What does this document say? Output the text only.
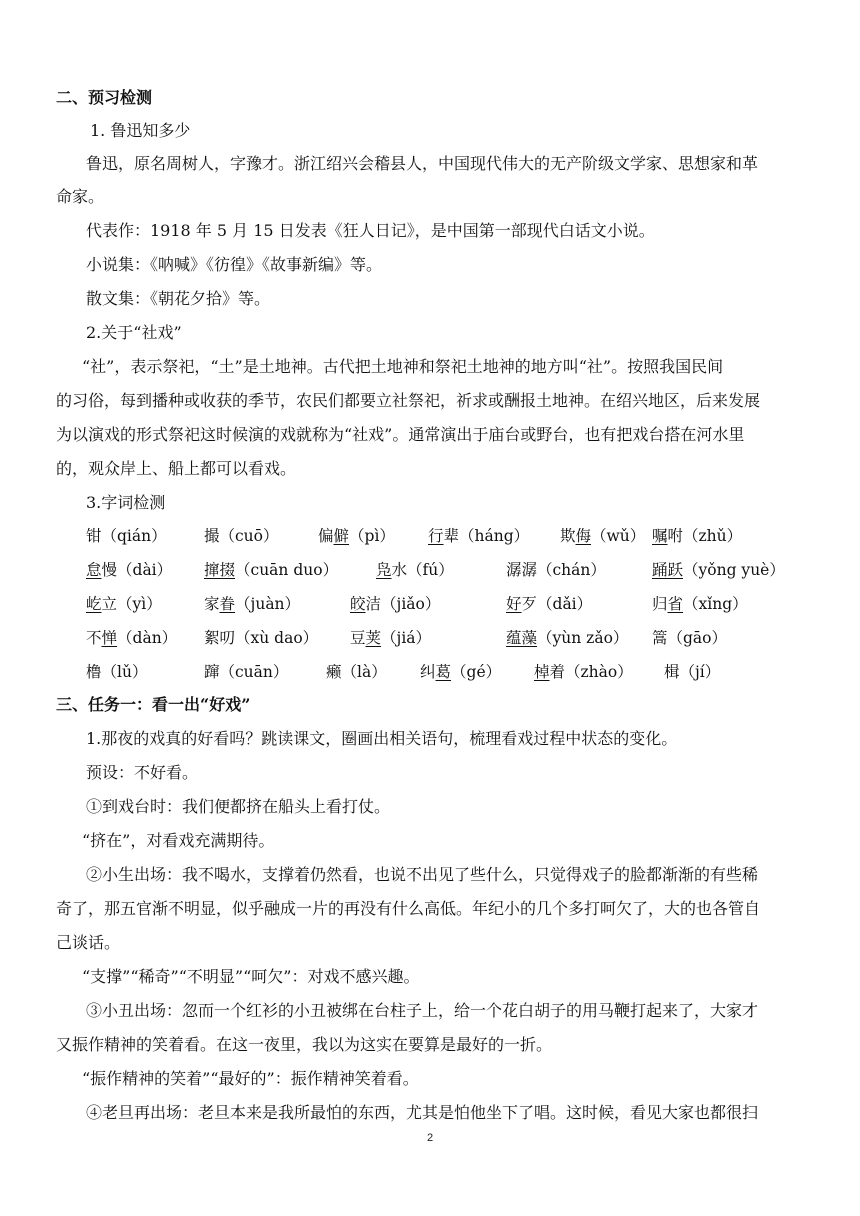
二、预习检测
1. 鲁迅知多少
鲁迅，原名周树人，字豫才。浙江绍兴会稽县人，中国现代伟大的无产阶级文学家、思想家和革
命家。
代表作：1918 年 5 月 15 日发表《狂人日记》，是中国第一部现代白话文小说。
小说集：《呐喊》《彷徨》《故事新编》等。
散文集：《朝花夕拾》等。
2.关于“社戏”
“社”，表示祭祀，“土”是土地神。古代把土地神和祭祀土地神的地方叫“社”。按照我国民间
的习俗，每到播种或收获的季节，农民们都要立社祭祀，祈求或酬报土地神。在绍兴地区，后来发展
为以演戏的形式祭祀这时候演的戏就称为“社戏”。通常演出于庙台或野台，也有把戏台搭在河水里
的，观众岸上、船上都可以看戏。
3.字词检测
钳（qián） 撮（cuō）	偏僻（pì） 行辈（háng） 欺侮（wǔ） 嘱咐（zhǔ）
怠慢（dài） 撺掇（cuān duo） 凫水（fú）	潺潺（chán）	踊跃（yǒng yuè）
屹立（yì）	家眷（juàn）	皎洁（jiǎo）	好歹（dǎi）	归省（xǐng）
不惮（dàn） 絮叨（xù dao） 豆荚（jiá）	蕴藻（yùn zǎo） 篙（gāo）
橹（lǔ）	蹿（cuān） 癞（là） 纠葛（gé） 棹着（zhào） 楫（jí）
三、任务一：看一出“好戏”
1.那夜的戏真的好看吗？跳读课文，圈画出相关语句，梳理看戏过程中状态的变化。
预设：不好看。
①到戏台时：我们便都挤在船头上看打仗。
“挤在”，对看戏充满期待。
②小生出场：我不喝水，支撑着仍然看，也说不出见了些什么，只觉得戏子的脸都渐渐的有些稀
奇了，那五官渐不明显，似乎融成一片的再没有什么高低。年纪小的几个多打呵欠了，大的也各管自
己谈话。
“支撑”“稀奇”“不明显”“呵欠”：对戏不感兴趣。
③小丑出场：忽而一个红衫的小丑被绑在台柱子上，给一个花白胡子的用马鞭打起来了，大家才
又振作精神的笑着看。在这一夜里，我以为这实在要算是最好的一折。
“振作精神的笑着”“最好的”：振作精神笑着看。
④老旦再出场：老旦本来是我所最怕的东西，尤其是怕他坐下了唱。这时候，看见大家也都很扫
2
